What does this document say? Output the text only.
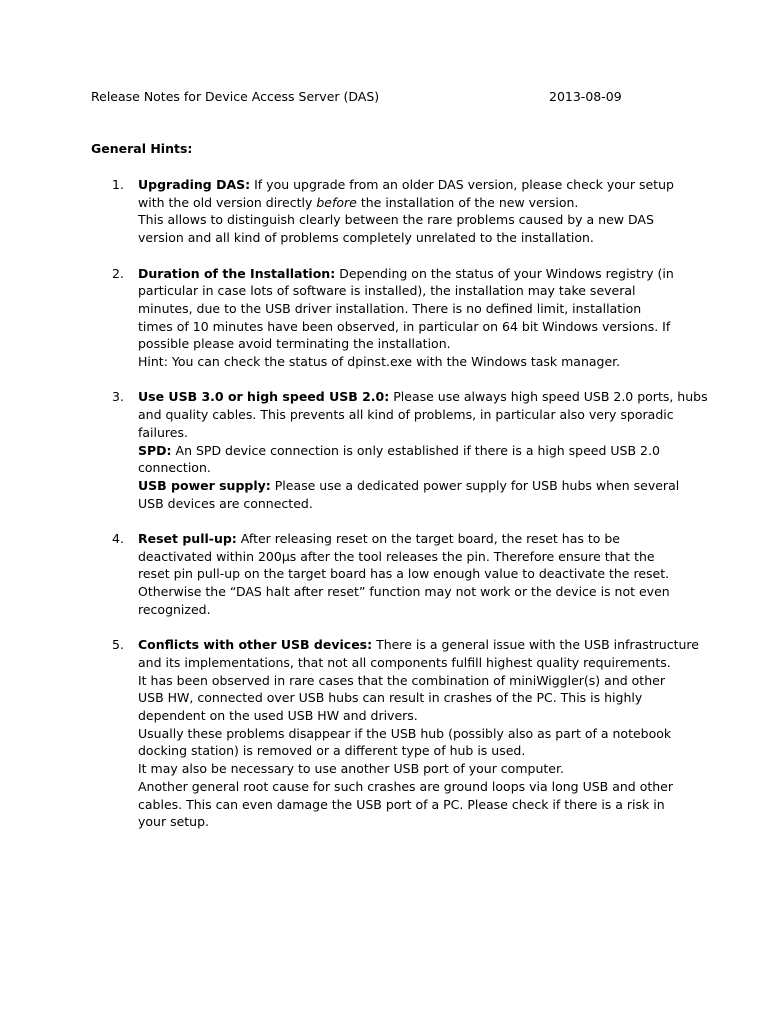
Release Notes for Device Access Server (DAS)	2013-08-09
General Hints:
1. Upgrading DAS: If you upgrade from an older DAS version, please check your setup
with the old version directly before the installation of the new version.
This allows to distinguish clearly between the rare problems caused by a new DAS
version and all kind of problems completely unrelated to the installation.
2. Duration of the Installation: Depending on the status of your Windows registry (in
particular in case lots of software is installed), the installation may take several
minutes, due to the USB driver installation. There is no defined limit, installation
times of 10 minutes have been observed, in particular on 64 bit Windows versions. If
possible please avoid terminating the installation.
Hint: You can check the status of dpinst.exe with the Windows task manager.
3. Use USB 3.0 or high speed USB 2.0: Please use always high speed USB 2.0 ports, hubs
and quality cables. This prevents all kind of problems, in particular also very sporadic
failures.
SPD: An SPD device connection is only established if there is a high speed USB 2.0
connection.
USB power supply: Please use a dedicated power supply for USB hubs when several
USB devices are connected.
4. Reset pull-up: After releasing reset on the target board, the reset has to be
deactivated within 200µs after the tool releases the pin. Therefore ensure that the
reset pin pull-up on the target board has a low enough value to deactivate the reset.
Otherwise the “DAS halt after reset” function may not work or the device is not even
recognized.
5. Conflicts with other USB devices: There is a general issue with the USB infrastructure
and its implementations, that not all components fulfill highest quality requirements.
It has been observed in rare cases that the combination of miniWiggler(s) and other
USB HW, connected over USB hubs can result in crashes of the PC. This is highly
dependent on the used USB HW and drivers.
Usually these problems disappear if the USB hub (possibly also as part of a notebook
docking station) is removed or a different type of hub is used.
It may also be necessary to use another USB port of your computer.
Another general root cause for such crashes are ground loops via long USB and other
cables. This can even damage the USB port of a PC. Please check if there is a risk in
your setup.
